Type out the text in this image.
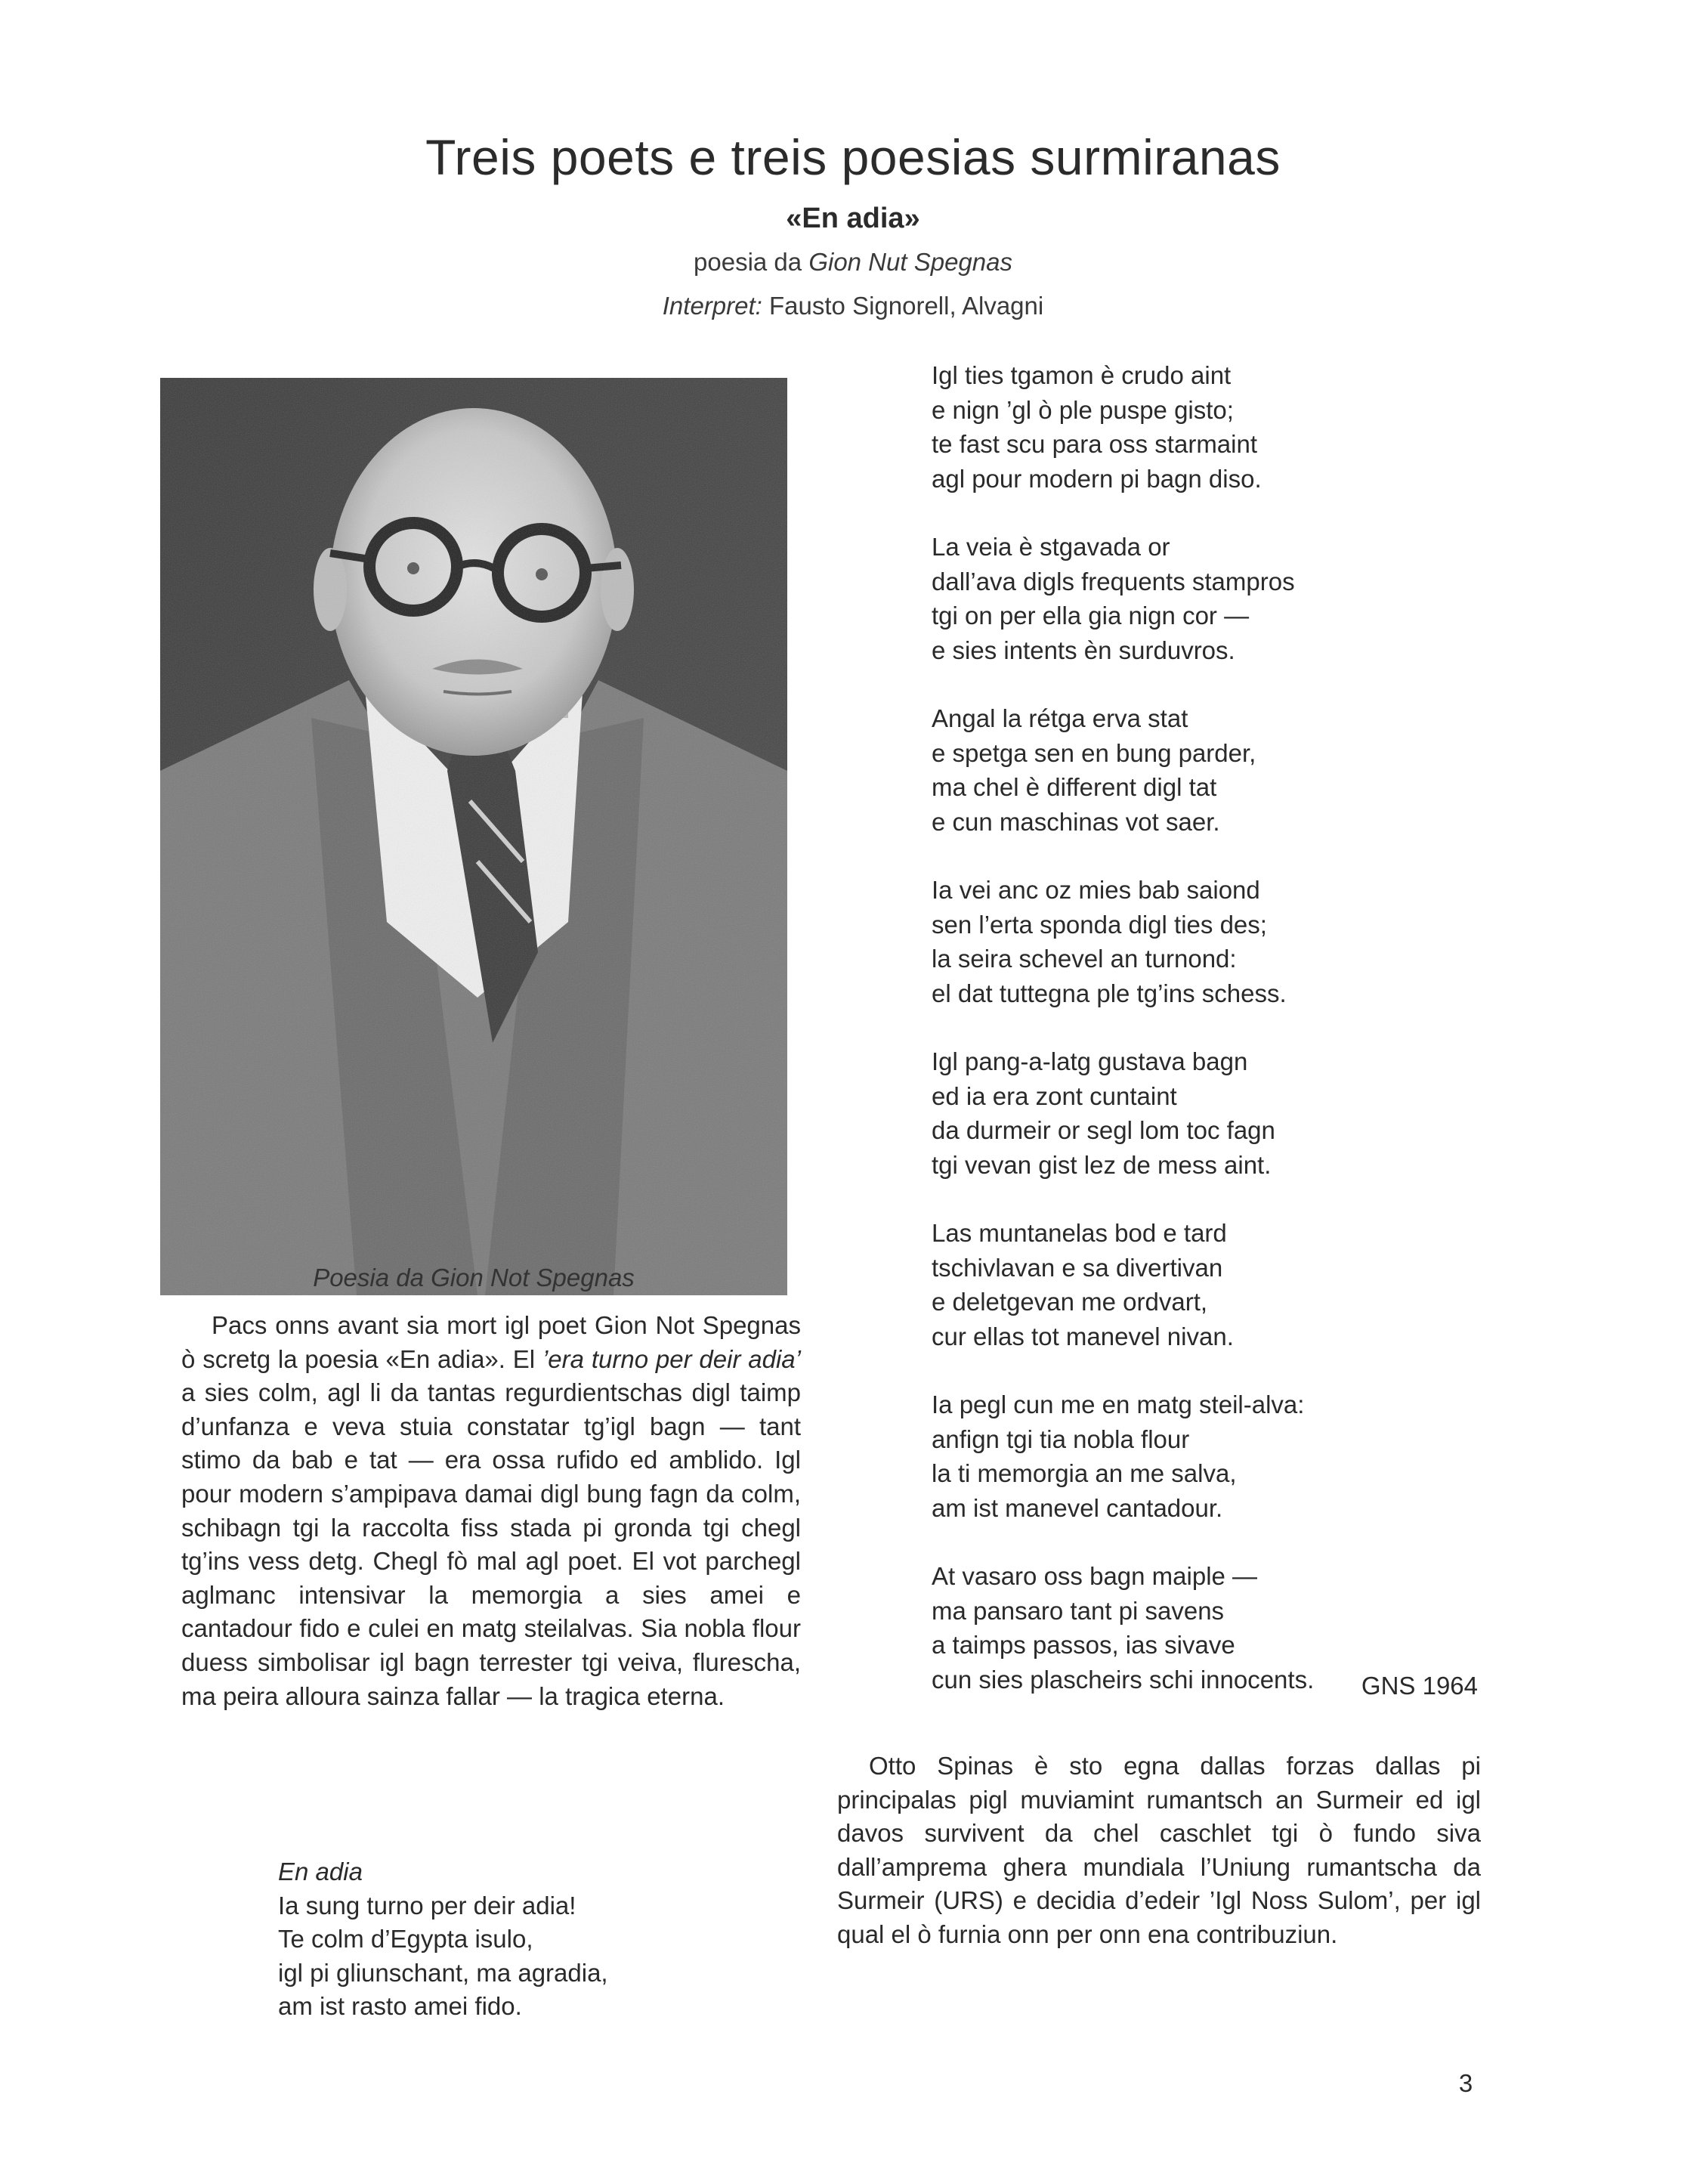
Treis poets e treis poesias surmiranas
«En adia»
poesia da Gion Nut Spegnas
Interpret: Fausto Signorell, Alvagni
Poesia da Gion Not Spegnas
Pacs onns avant sia mort igl poet Gion Not Spegnas ò scretg la poesia «En adia». El ’era turno per deir adia’ a sies colm, agl li da tantas regurdientschas digl taimp d’unfanza e veva stuia constatar tg’igl bagn — tant stimo da bab e tat — era ossa rufido ed amblido. Igl pour modern s’ampipava damai digl bung fagn da colm, schibagn tgi la raccolta fiss stada pi gronda tgi chegl tg’ins vess detg. Chegl fò mal agl poet. El vot parchegl aglmanc intensivar la memorgia a sies amei e cantadour fido e culei en matg steilalvas. Sia nobla flour duess simbolisar igl bagn terrester tgi veiva, flurescha, ma peira alloura sainza fallar — la tragica eterna.
En adia
Ia sung turno per deir adia!
Te colm d’Egypta isulo,
igl pi gliunschant, ma agradia,
am ist rasto amei fido.
Igl ties tgamon è crudo aint
e nign ’gl ò ple puspe gisto;
te fast scu para oss starmaint
agl pour modern pi bagn diso.
La veia è stgavada or
dall’ava digls frequents stampros
tgi on per ella gia nign cor —
e sies intents èn surduvros.
Angal la rétga erva stat
e spetga sen en bung parder,
ma chel è different digl tat
e cun maschinas vot saer.
Ia vei anc oz mies bab saiond
sen l’erta sponda digl ties des;
la seira schevel an turnond:
el dat tuttegna ple tg’ins schess.
Igl pang-a-latg gustava bagn
ed ia era zont cuntaint
da durmeir or segl lom toc fagn
tgi vevan gist lez de mess aint.
Las muntanelas bod e tard
tschivlavan e sa divertivan
e deletgevan me ordvart,
cur ellas tot manevel nivan.
Ia pegl cun me en matg steil-alva:
anfign tgi tia nobla flour
la ti memorgia an me salva,
am ist manevel cantadour.
At vasaro oss bagn maiple —
ma pansaro tant pi savens
a taimps passos, ias sivave
cun sies plascheirs schi innocents.	GNS 1964
Otto Spinas è sto egna dallas forzas dallas pi principalas pigl muviamint rumantsch an Surmeir ed igl davos survivent da chel caschlet tgi ò fundo siva dall’amprema ghera mundiala l’Uniung rumantscha da Surmeir (URS) e decidia d’edeir ’Igl Noss Sulom’, per igl qual el ò furnia onn per onn ena contribuziun.
3
